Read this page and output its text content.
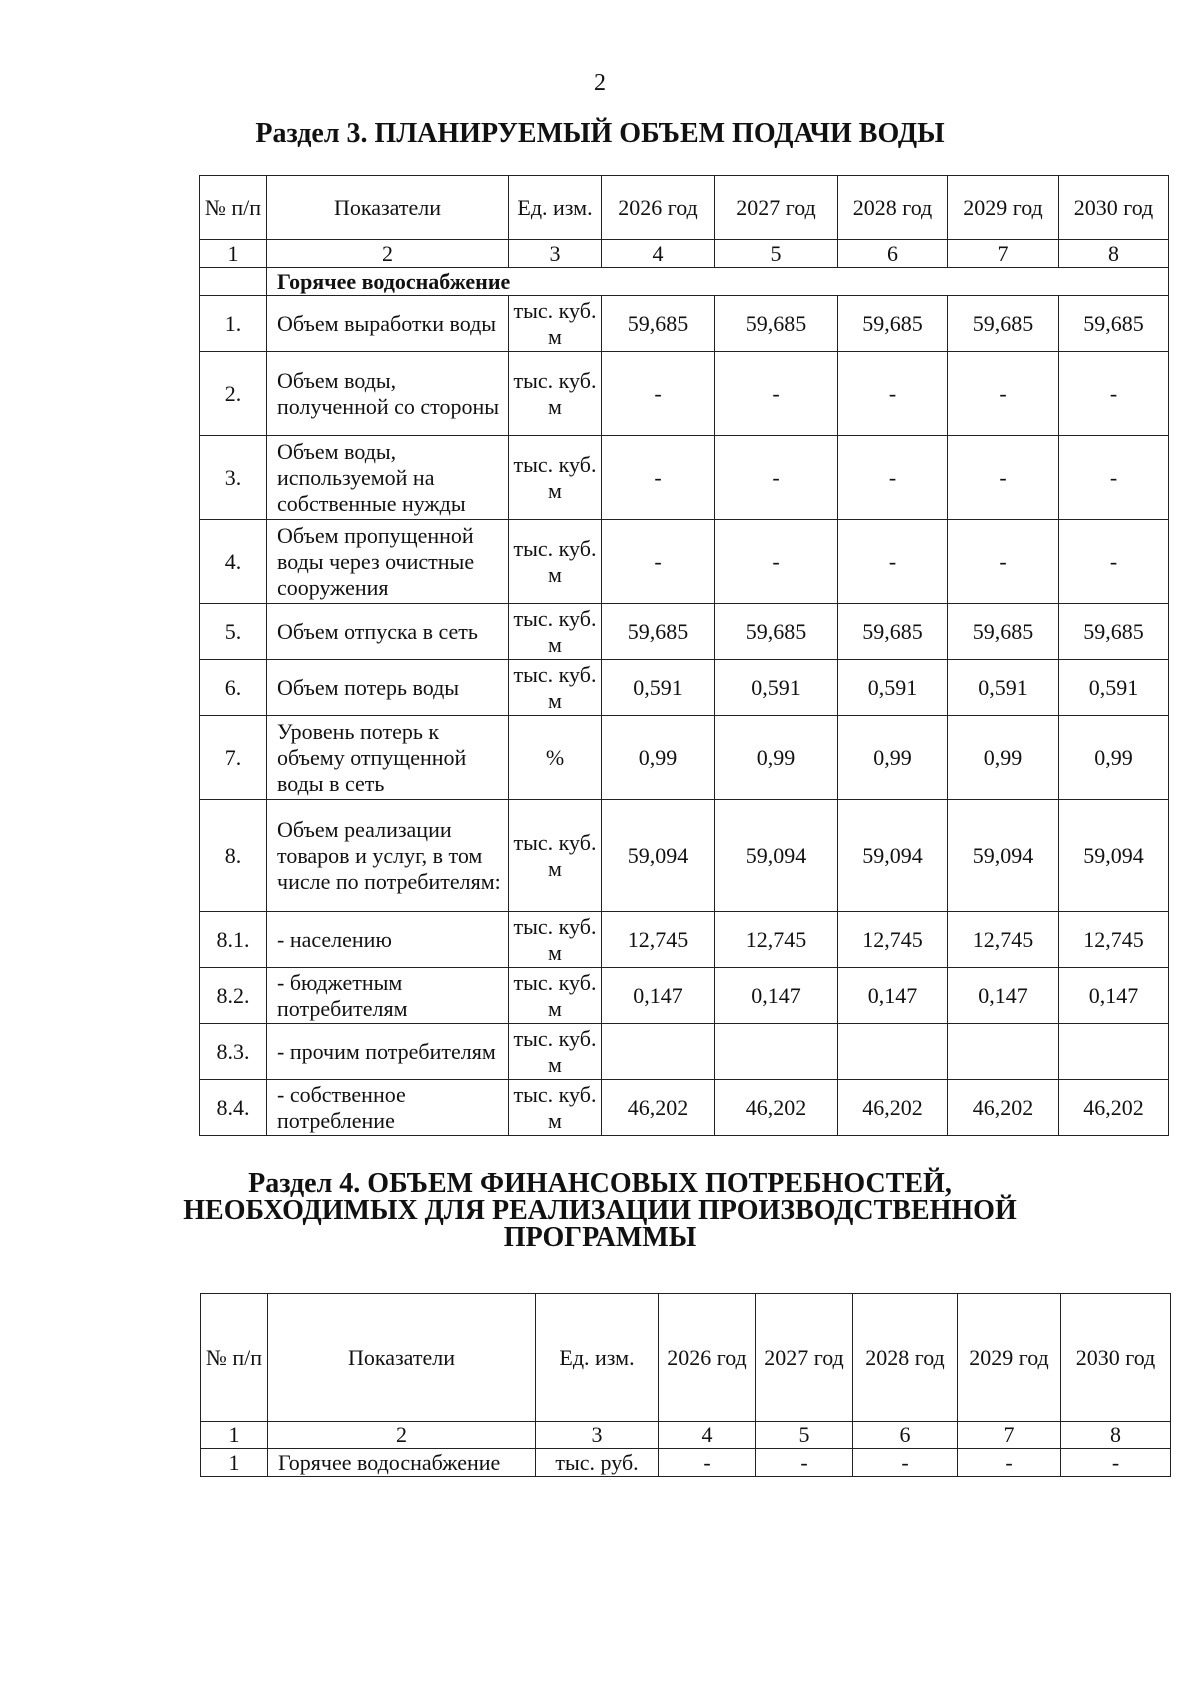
2
Раздел 3. ПЛАНИРУЕМЫЙ ОБЪЕМ ПОДАЧИ ВОДЫ
№ п/п	Показатели	Ед. изм.	2026 год	2027 год	2028 год	2029 год	2030 год
1	2	3	4	5	6	7	8
	Горячее водоснабжение						
1.	Объем выработки воды	тыс. куб. м	59,685	59,685	59,685	59,685	59,685
2.	Объем воды, полученной со стороны	тыс. куб. м	-	-	-	-	-
3.	Объем воды, используемой на собственные нужды	тыс. куб. м	-	-	-	-	-
4.	Объем пропущенной воды через очистные сооружения	тыс. куб. м	-	-	-	-	-
5.	Объем отпуска в сеть	тыс. куб. м	59,685	59,685	59,685	59,685	59,685
6.	Объем потерь воды	тыс. куб. м	0,591	0,591	0,591	0,591	0,591
7.	Уровень потерь к объему отпущенной воды в сеть	%	0,99	0,99	0,99	0,99	0,99
8.	Объем реализации товаров и услуг, в том числе по потребителям:	тыс. куб. м	59,094	59,094	59,094	59,094	59,094
8.1.	- населению	тыс. куб. м	12,745	12,745	12,745	12,745	12,745
8.2.	- бюджетным потребителям	тыс. куб. м	0,147	0,147	0,147	0,147	0,147
8.3.	- прочим потребителям	тыс. куб. м					
8.4.	- собственное потребление	тыс. куб. м	46,202	46,202	46,202	46,202	46,202
Раздел 4. ОБЪЕМ ФИНАНСОВЫХ ПОТРЕБНОСТЕЙ,
НЕОБХОДИМЫХ ДЛЯ РЕАЛИЗАЦИИ ПРОИЗВОДСТВЕННОЙ
ПРОГРАММЫ
№ п/п	Показатели	Ед. изм.	2026 год	2027 год	2028 год	2029 год	2030 год
1	2	3	4	5	6	7	8
1	Горячее водоснабжение	тыс. руб.	-	-	-	-	-
